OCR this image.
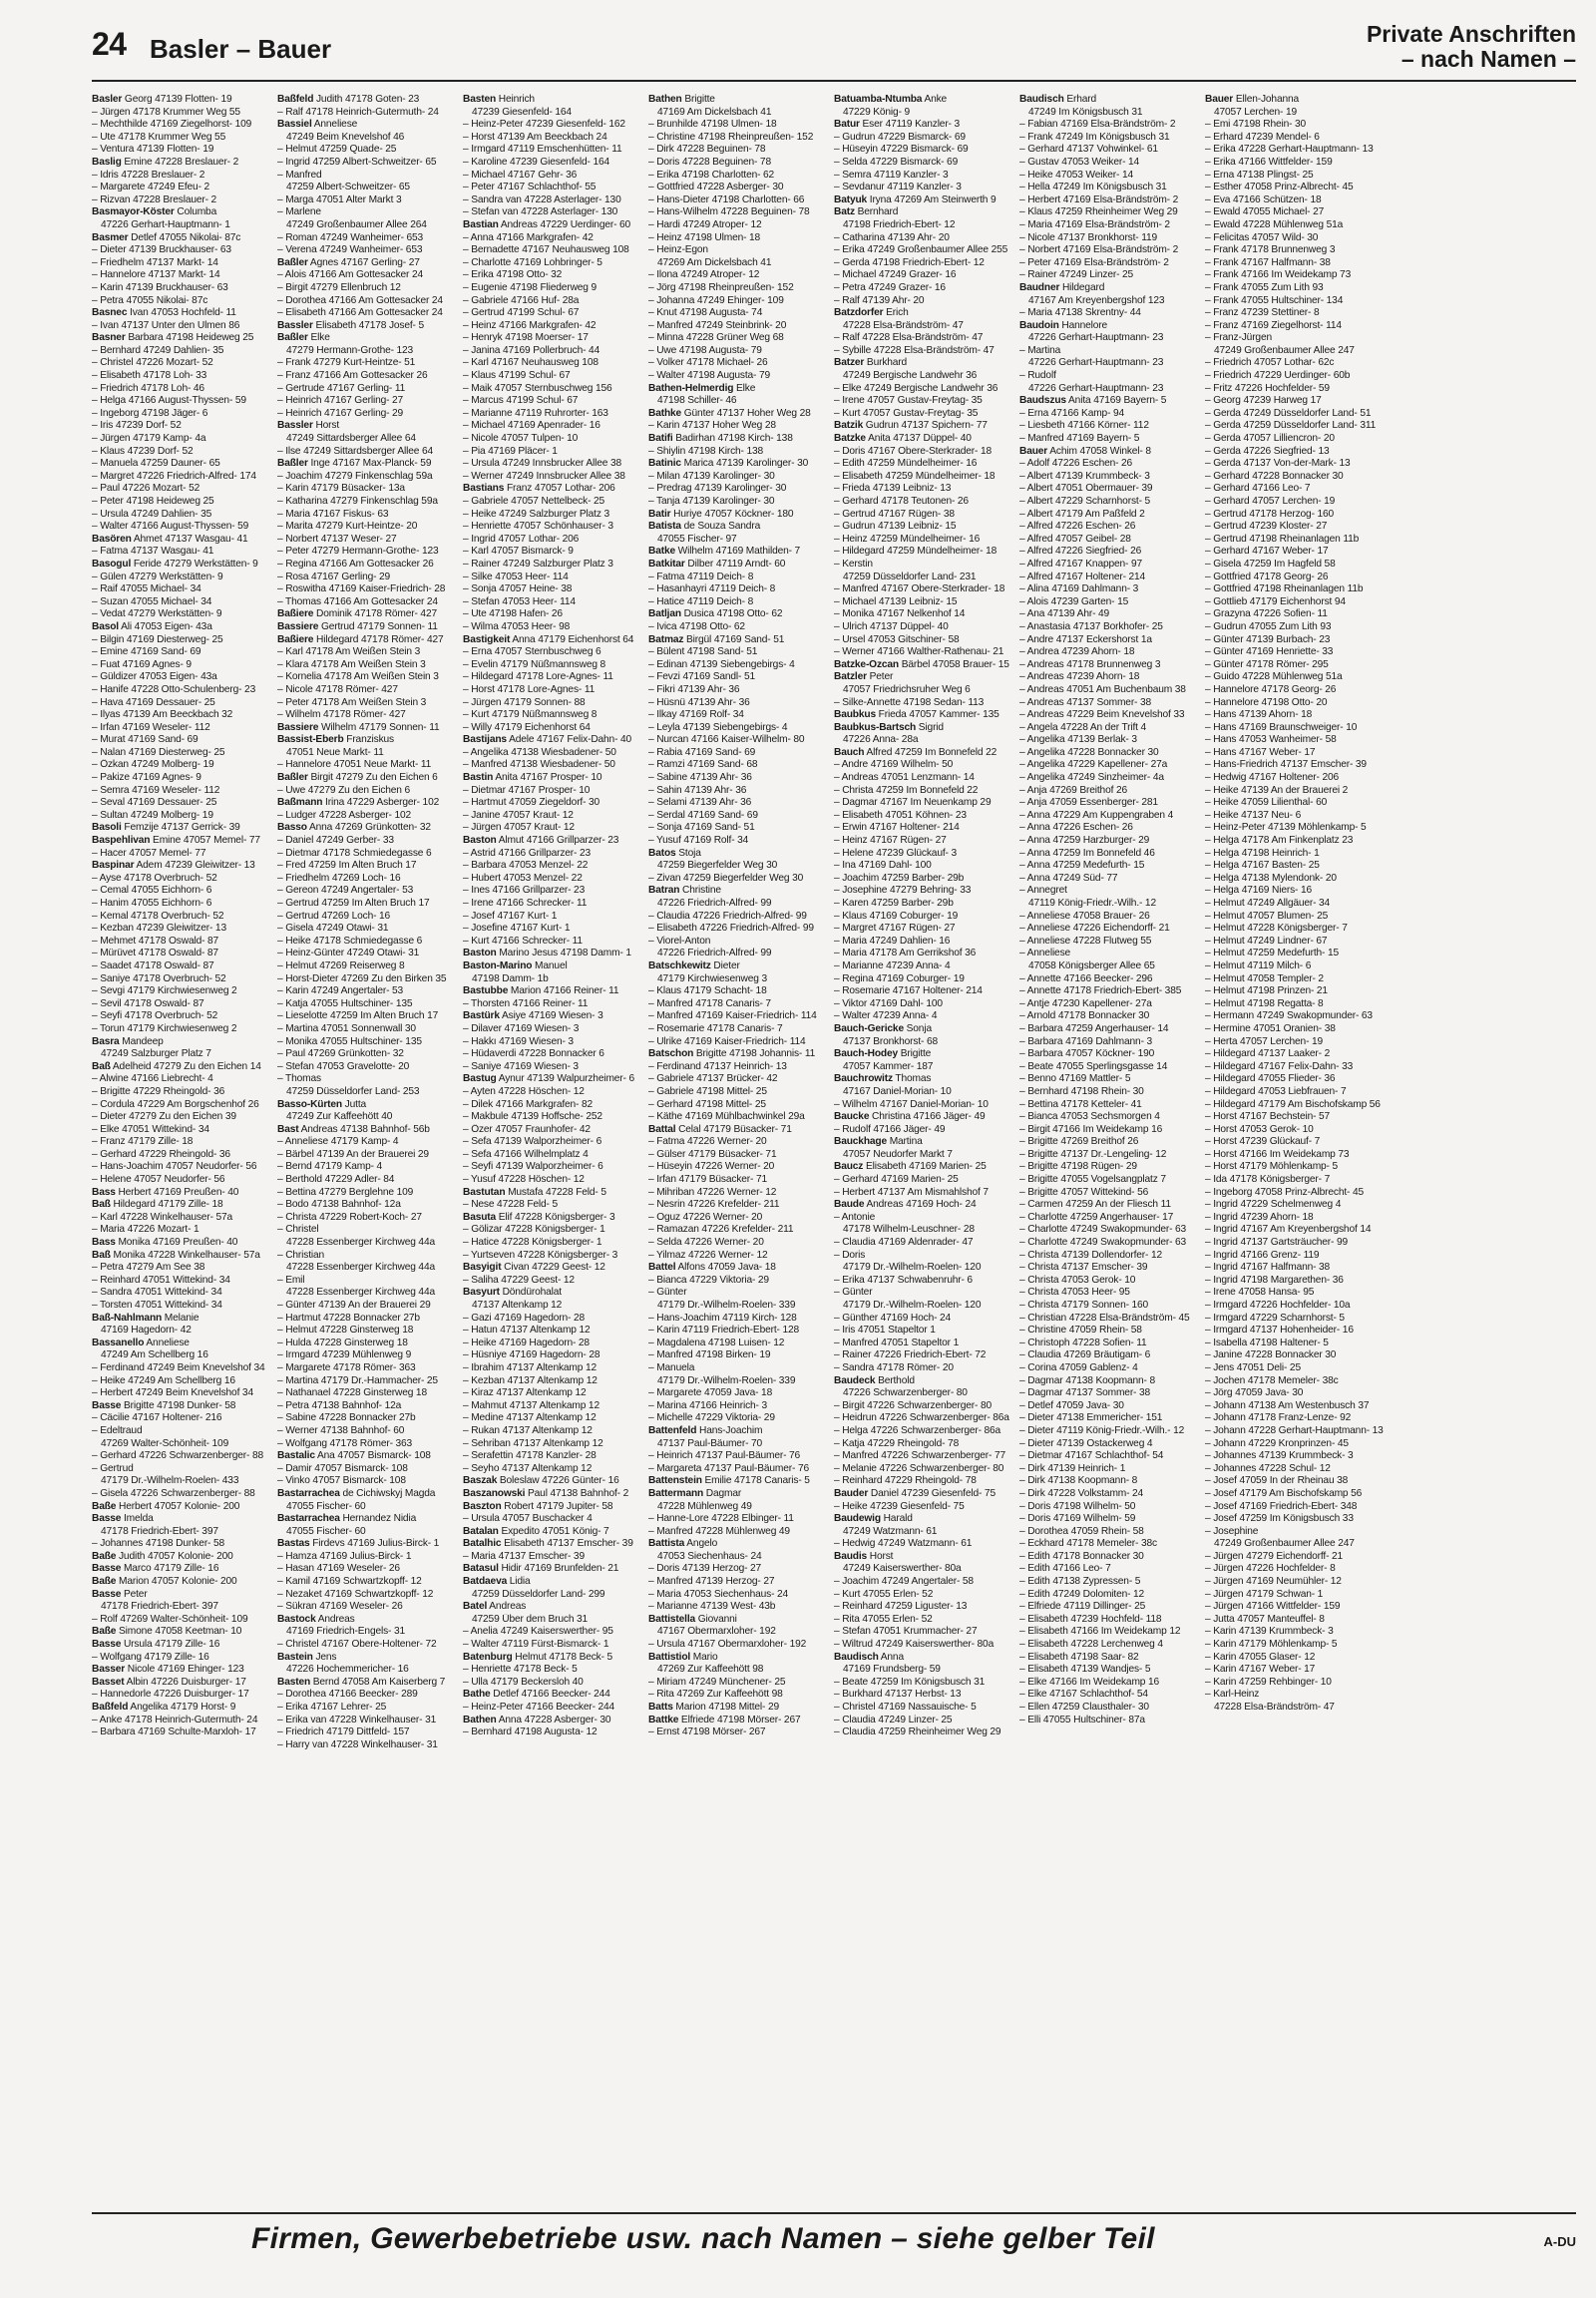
24 Basler – Bauer	Private Anschriften
– nach Namen –
Basler Georg 47139 Flotten- 19
– Jürgen 47178 Krummer Weg 55
– Mechthilde 47169 Ziegelhorst- 109
– Ute 47178 Krummer Weg 55
– Ventura 47139 Flotten- 19
Baslig Emine 47228 Breslauer- 2
– Idris 47228 Breslauer- 2
– Margarete 47249 Efeu- 2
– Rizvan 47228 Breslauer- 2
Basmayor-Köster Columba
47226 Gerhart-Hauptmann- 1
Basmer Detlef 47055 Nikolai- 87c
– Dieter 47139 Bruckhauser- 63
– Friedhelm 47137 Markt- 14
– Hannelore 47137 Markt- 14
– Karin 47139 Bruckhauser- 63
– Petra 47055 Nikolai- 87c
Basnec Ivan 47053 Hochfeld- 11
– Ivan 47137 Unter den Ulmen 86
Basner Barbara 47198 Heideweg 25
– Bernhard 47249 Dahlien- 35
– Christel 47226 Mozart- 52
– Elisabeth 47178 Loh- 33
– Friedrich 47178 Loh- 46
– Helga 47166 August-Thyssen- 59
– Ingeborg 47198 Jäger- 6
– Iris 47239 Dorf- 52
– Jürgen 47179 Kamp- 4a
– Klaus 47239 Dorf- 52
– Manuela 47259 Dauner- 65
– Margret 47226 Friedrich-Alfred- 174
– Paul 47226 Mozart- 52
– Peter 47198 Heideweg 25
– Ursula 47249 Dahlien- 35
– Walter 47166 August-Thyssen- 59
Basören Ahmet 47137 Wasgau- 41
– Fatma 47137 Wasgau- 41
Basogul Feride 47279 Werkstätten- 9
– Gülen 47279 Werkstätten- 9
– Raif 47055 Michael- 34
– Suzan 47055 Michael- 34
– Vedat 47279 Werkstätten- 9
Basol Ali 47053 Eigen- 43a
– Bilgin 47169 Diesterweg- 25
– Emine 47169 Sand- 69
– Fuat 47169 Agnes- 9
– Güldizer 47053 Eigen- 43a
– Hanife 47228 Otto-Schulenberg- 23
– Hava 47169 Dessauer- 25
– Ilyas 47139 Am Beeckbach 32
– Irfan 47169 Weseler- 112
– Murat 47169 Sand- 69
– Nalan 47169 Diesterweg- 25
– Özkan 47249 Molberg- 19
– Pakize 47169 Agnes- 9
– Semra 47169 Weseler- 112
– Seval 47169 Dessauer- 25
– Sultan 47249 Molberg- 19
Basoli Femzije 47137 Gerrick- 39
Baspehlivan Emine 47057 Memel- 77
– Hacer 47057 Memel- 77
Baspinar Adem 47239 Gleiwitzer- 13
– Ayse 47178 Overbruch- 52
– Cemal 47055 Eichhorn- 6
– Hanim 47055 Eichhorn- 6
– Kemal 47178 Overbruch- 52
– Kezban 47239 Gleiwitzer- 13
– Mehmet 47178 Oswald- 87
– Mürüvet 47178 Oswald- 87
– Saadet 47178 Oswald- 87
– Saniye 47178 Overbruch- 52
– Sevgi 47179 Kirchwiesenweg 2
– Sevil 47178 Oswald- 87
– Seyfi 47178 Overbruch- 52
– Torun 47179 Kirchwiesenweg 2
Basra Mandeep
47249 Salzburger Platz 7
Baß Adelheid 47279 Zu den Eichen 14
– Alwine 47166 Liebrecht- 4
– Brigitte 47229 Rheingold- 36
– Cordula 47229 Am Borgschenhof 26
– Dieter 47279 Zu den Eichen 39
– Elke 47051 Wittekind- 34
– Franz 47179 Zille- 18
– Gerhard 47229 Rheingold- 36
– Hans-Joachim 47057 Neudorfer- 56
– Helene 47057 Neudorfer- 56
Bass Herbert 47169 Preußen- 40
Baß Hildegard 47179 Zille- 18
– Karl 47228 Winkelhauser- 57a
– Maria 47226 Mozart- 1
Bass Monika 47169 Preußen- 40
Baß Monika 47228 Winkelhauser- 57a
– Petra 47279 Am See 38
– Reinhard 47051 Wittekind- 34
– Sandra 47051 Wittekind- 34
– Torsten 47051 Wittekind- 34
Baß-Nahlmann Melanie
47169 Hagedorn- 42
Bassanello Anneliese
47249 Am Schellberg 16
– Ferdinand 47249 Beim Knevelshof 34
– Heike 47249 Am Schellberg 16
– Herbert 47249 Beim Knevelshof 34
Basse Brigitte 47198 Dunker- 58
– Cäcilie 47167 Holtener- 216
– Edeltraud
47269 Walter-Schönheit- 109
– Gerhard 47226 Schwarzenberger- 88
– Gertrud
47179 Dr.-Wilhelm-Roelen- 433
– Gisela 47226 Schwarzenberger- 88
Baße Herbert 47057 Kolonie- 200
Basse Imelda
47178 Friedrich-Ebert- 397
– Johannes 47198 Dunker- 58
Baße Judith 47057 Kolonie- 200
Basse Marco 47179 Zille- 16
Baße Marion 47057 Kolonie- 200
Basse Peter
47178 Friedrich-Ebert- 397
– Rolf 47269 Walter-Schönheit- 109
Baße Simone 47058 Keetman- 10
Basse Ursula 47179 Zille- 16
– Wolfgang 47179 Zille- 16
Basser Nicole 47169 Ehinger- 123
Basset Albin 47226 Duisburger- 17
– Hannedorle 47226 Duisburger- 17
Baßfeld Angelika 47179 Horst- 9
– Anke 47178 Heinrich-Gutermuth- 24
– Barbara 47169 Schulte-Marxloh- 17
Baßfeld Judith 47178 Goten- 23
– Ralf 47178 Heinrich-Gutermuth- 24
Bassiel Anneliese
47249 Beim Knevelshof 46
– Helmut 47259 Quade- 25
– Ingrid 47259 Albert-Schweitzer- 65
– Manfred
47259 Albert-Schweitzer- 65
– Marga 47051 Alter Markt 3
– Marlene
47249 Großenbaumer Allee 264
– Roman 47249 Wanheimer- 653
– Verena 47249 Wanheimer- 653
Baßler Agnes 47167 Gerling- 27
– Alois 47166 Am Gottesacker 24
– Birgit 47279 Ellenbruch 12
– Dorothea 47166 Am Gottesacker 24
– Elisabeth 47166 Am Gottesacker 24
Bassler Elisabeth 47178 Josef- 5
Baßler Elke
47279 Hermann-Grothe- 123
– Frank 47279 Kurt-Heintze- 51
– Franz 47166 Am Gottesacker 26
– Gertrude 47167 Gerling- 11
– Heinrich 47167 Gerling- 27
– Heinrich 47167 Gerling- 29
Bassler Horst
47249 Sittardsberger Allee 64
– Ilse 47249 Sittardsberger Allee 64
Baßler Inge 47167 Max-Planck- 59
– Joachim 47279 Finkenschlag 59a
– Karin 47179 Büsacker- 13a
– Katharina 47279 Finkenschlag 59a
– Maria 47167 Fiskus- 63
– Marita 47279 Kurt-Heintze- 20
– Norbert 47137 Weser- 27
– Peter 47279 Hermann-Grothe- 123
– Regina 47166 Am Gottesacker 26
– Rosa 47167 Gerling- 29
– Roswitha 47169 Kaiser-Friedrich- 28
– Thomas 47166 Am Gottesacker 24
Baßiere Dominik 47178 Römer- 427
Bassiere Gertrud 47179 Sonnen- 11
Baßiere Hildegard 47178 Römer- 427
– Karl 47178 Am Weißen Stein 3
– Klara 47178 Am Weißen Stein 3
– Kornelia 47178 Am Weißen Stein 3
– Nicole 47178 Römer- 427
– Peter 47178 Am Weißen Stein 3
– Wilhelm 47178 Römer- 427
Bassiere Wilhelm 47179 Sonnen- 11
Bassist-Eberb Franziskus
47051 Neue Markt- 11
– Hannelore 47051 Neue Markt- 11
Baßler Birgit 47279 Zu den Eichen 6
– Uwe 47279 Zu den Eichen 6
Baßmann Irina 47229 Asberger- 102
– Ludger 47228 Asberger- 102
Basso Anna 47269 Grünkotten- 32
– Daniel 47249 Gerber- 33
– Dietmar 47178 Schmiedegasse 6
– Fred 47259 Im Alten Bruch 17
– Friedhelm 47269 Loch- 16
– Gereon 47249 Angertaler- 53
– Gertrud 47259 Im Alten Bruch 17
– Gertrud 47269 Loch- 16
– Gisela 47249 Otawi- 31
– Heike 47178 Schmiedegasse 6
– Heinz-Günter 47249 Otawi- 31
– Helmut 47269 Reiserweg 8
– Horst-Dieter 47269 Zu den Birken 35
– Karin 47249 Angertaler- 53
– Katja 47055 Hultschiner- 135
– Lieselotte 47259 Im Alten Bruch 17
– Martina 47051 Sonnenwall 30
– Monika 47055 Hultschiner- 135
– Paul 47269 Grünkotten- 32
– Stefan 47053 Gravelotte- 20
– Thomas
47259 Düsseldorfer Land- 253
Basso-Kürten Jutta
47249 Zur Kaffeehött 40
Bast Andreas 47138 Bahnhof- 56b
– Anneliese 47179 Kamp- 4
– Bärbel 47139 An der Brauerei 29
– Bernd 47179 Kamp- 4
– Berthold 47229 Adler- 84
– Bettina 47279 Berglehne 109
– Bodo 47138 Bahnhof- 12a
– Christa 47229 Robert-Koch- 27
– Christel
47228 Essenberger Kirchweg 44a
– Christian
47228 Essenberger Kirchweg 44a
– Emil
47228 Essenberger Kirchweg 44a
– Günter 47139 An der Brauerei 29
– Hartmut 47228 Bonnacker 27b
– Helmut 47228 Ginsterweg 18
– Hulda 47228 Ginsterweg 18
– Irmgard 47239 Mühlenweg 9
– Margarete 47178 Römer- 363
– Martina 47179 Dr.-Hammacher- 25
– Nathanael 47228 Ginsterweg 18
– Petra 47138 Bahnhof- 12a
– Sabine 47228 Bonnacker 27b
– Werner 47138 Bahnhof- 60
– Wolfgang 47178 Römer- 363
Bastalic Ana 47057 Bismarck- 108
– Damir 47057 Bismarck- 108
– Vinko 47057 Bismarck- 108
Bastarrachea de Cichiwskyj Magda
47055 Fischer- 60
Bastarrachea Hernandez Nidia
47055 Fischer- 60
Bastas Firdevs 47169 Julius-Birck- 1
– Hamza 47169 Julius-Birck- 1
– Hasan 47169 Weseler- 26
– Kamil 47169 Schwartzkopff- 12
– Nezaket 47169 Schwartzkopff- 12
– Sükran 47169 Weseler- 26
Bastock Andreas
47169 Friedrich-Engels- 31
– Christel 47167 Obere-Holtener- 72
Bastein Jens
47226 Hochemmericher- 16
Basten Bernd 47058 Am Kaiserberg 7
– Dorothea 47166 Beecker- 289
– Erika 47167 Lehrer- 25
– Erika van 47228 Winkelhauser- 31
– Friedrich 47179 Dittfeld- 157
– Harry van 47228 Winkelhauser- 31
Basten Heinrich
47239 Giesenfeld- 164
– Heinz-Peter 47239 Giesenfeld- 162
– Horst 47139 Am Beeckbach 24
– Irmgard 47119 Emschenhütten- 11
– Karoline 47239 Giesenfeld- 164
– Michael 47167 Gehr- 36
– Peter 47167 Schlachthof- 55
– Sandra van 47228 Asterlager- 130
– Stefan van 47228 Asterlager- 130
Bastian Andreas 47229 Uerdinger- 60
– Anna 47166 Markgrafen- 42
– Bernadette 47167 Neuhausweg 108
– Charlotte 47169 Lohbringer- 5
– Erika 47198 Otto- 32
– Eugenie 47198 Fliederweg 9
– Gabriele 47166 Huf- 28a
– Gertrud 47199 Schul- 67
– Heinz 47166 Markgrafen- 42
– Henryk 47198 Moerser- 17
– Janina 47169 Pollerbruch- 44
– Karl 47167 Neuhausweg 108
– Klaus 47199 Schul- 67
– Maik 47057 Sternbuschweg 156
– Marcus 47199 Schul- 67
– Marianne 47119 Ruhrorter- 163
– Michael 47169 Apenrader- 16
– Nicole 47057 Tulpen- 10
– Pia 47169 Pläcer- 1
– Ursula 47249 Innsbrucker Allee 38
– Werner 47249 Innsbrucker Allee 38
Bastians Franz 47057 Lothar- 206
– Gabriele 47057 Nettelbeck- 25
– Heike 47249 Salzburger Platz 3
– Henriette 47057 Schönhauser- 3
– Ingrid 47057 Lothar- 206
– Karl 47057 Bismarck- 9
– Rainer 47249 Salzburger Platz 3
– Silke 47053 Heer- 114
– Sonja 47057 Heine- 38
– Stefan 47053 Heer- 114
– Ute 47198 Hafen- 26
– Wilma 47053 Heer- 98
Bastigkeit Anna 47179 Eichenhorst 64
– Erna 47057 Sternbuschweg 6
– Evelin 47179 Nüßmannsweg 8
– Hildegard 47178 Lore-Agnes- 11
– Horst 47178 Lore-Agnes- 11
– Jürgen 47179 Sonnen- 88
– Kurt 47179 Nüßmannsweg 8
– Willy 47179 Eichenhorst 64
Bastijans Adele 47167 Felix-Dahn- 40
– Angelika 47138 Wiesbadener- 50
– Manfred 47138 Wiesbadener- 50
Bastin Anita 47167 Prosper- 10
– Dietmar 47167 Prosper- 10
– Hartmut 47059 Ziegeldorf- 30
– Janine 47057 Kraut- 12
– Jürgen 47057 Kraut- 12
Baston Almut 47166 Grillparzer- 23
– Astrid 47166 Grillparzer- 23
– Barbara 47053 Menzel- 22
– Hubert 47053 Menzel- 22
– Ines 47166 Grillparzer- 23
– Irene 47166 Schrecker- 11
– Josef 47167 Kurt- 1
– Josefine 47167 Kurt- 1
– Kurt 47166 Schrecker- 11
Baston Marino Jesus 47198 Damm- 1
Baston-Marino Manuel
47198 Damm- 1b
Bastubbe Marion 47166 Reiner- 11
– Thorsten 47166 Reiner- 11
Bastürk Asiye 47169 Wiesen- 3
– Dilaver 47169 Wiesen- 3
– Hakkı 47169 Wiesen- 3
– Hüdaverdi 47228 Bonnacker 6
– Saniye 47169 Wiesen- 3
Bastug Aynur 47139 Walpurzheimer- 6
– Ayten 47228 Höschen- 12
– Dilek 47166 Markgrafen- 82
– Makbule 47139 Hoffsche- 252
– Özer 47057 Fraunhofer- 42
– Sefa 47139 Walporzheimer- 6
– Sefa 47166 Wilhelmplatz 4
– Seyfi 47139 Walporzheimer- 6
– Yusuf 47228 Höschen- 12
Bastutan Mustafa 47228 Feld- 5
– Nese 47228 Feld- 5
Basuta Elif 47228 Königsberger- 3
– Gölizar 47228 Königsberger- 1
– Hatice 47228 Königsberger- 1
– Yurtseven 47228 Königsberger- 3
Basyigit Civan 47229 Geest- 12
– Saliha 47229 Geest- 12
Basyurt Döndürohalat
47137 Altenkamp 12
– Gazi 47169 Hagedorn- 28
– Hatun 47137 Altenkamp 12
– Heike 47169 Hagedorn- 28
– Hüsniye 47169 Hagedorn- 28
– Ibrahim 47137 Altenkamp 12
– Kezban 47137 Altenkamp 12
– Kiraz 47137 Altenkamp 12
– Mahmut 47137 Altenkamp 12
– Medine 47137 Altenkamp 12
– Rukan 47137 Altenkamp 12
– Sehriban 47137 Altenkamp 12
– Serafettin 47178 Kanzler- 28
– Seyho 47137 Altenkamp 12
Baszak Boleslaw 47226 Günter- 16
Baszanowski Paul 47138 Bahnhof- 2
Baszton Robert 47179 Jupiter- 58
– Ursula 47057 Buschacker 4
Batalan Expedito 47051 König- 7
Batalhic Elisabeth 47137 Emscher- 39
– Maria 47137 Emscher- 39
Batasul Hidir 47169 Brunfelden- 21
Batdaeva Lidia
47259 Düsseldorfer Land- 299
Batel Andreas
47259 Über dem Bruch 31
– Anelia 47249 Kaiserswerther- 95
– Walter 47119 Fürst-Bismarck- 1
Batenburg Helmut 47178 Beck- 5
– Henriette 47178 Beck- 5
– Ulla 47179 Beckersloh 40
Bathe Detlef 47166 Beecker- 244
– Heinz-Peter 47166 Beecker- 244
Bathen Anna 47228 Asberger- 30
– Bernhard 47198 Augusta- 12
Bathen Brigitte
47169 Am Dickelsbach 41
– Brunhilde 47198 Ulmen- 18
– Christine 47198 Rheinpreußen- 152
– Dirk 47228 Beguinen- 78
– Doris 47228 Beguinen- 78
– Erika 47198 Charlotten- 62
– Gottfried 47228 Asberger- 30
– Hans-Dieter 47198 Charlotten- 66
– Hans-Wilhelm 47228 Beguinen- 78
– Hardi 47249 Atroper- 12
– Heinz 47198 Ulmen- 18
– Heinz-Egon
47269 Am Dickelsbach 41
– Ilona 47249 Atroper- 12
– Jörg 47198 Rheinpreußen- 152
– Johanna 47249 Ehinger- 109
– Knut 47198 Augusta- 74
– Manfred 47249 Steinbrink- 20
– Minna 47228 Grüner Weg 68
– Uwe 47198 Augusta- 79
– Volker 47178 Michael- 26
– Walter 47198 Augusta- 79
Bathen-Helmerdig Elke
47198 Schiller- 46
Bathke Günter 47137 Hoher Weg 28
– Karin 47137 Hoher Weg 28
Batifi Badirhan 47198 Kirch- 138
– Shiylin 47198 Kirch- 138
Batinic Marica 47139 Karolinger- 30
– Milan 47139 Karolinger- 30
– Predrag 47139 Karolinger- 30
– Tanja 47139 Karolinger- 30
Batir Huriye 47057 Köckner- 180
Batista de Souza Sandra
47055 Fischer- 97
Batke Wilhelm 47169 Mathilden- 7
Batkitar Dilber 47119 Arndt- 60
– Fatma 47119 Deich- 8
– Hasanhayri 47119 Deich- 8
– Hatice 47119 Deich- 8
Batljan Dusica 47198 Otto- 62
– Ivica 47198 Otto- 62
Batmaz Birgül 47169 Sand- 51
– Bülent 47198 Sand- 51
– Edinan 47139 Siebengebirgs- 4
– Fevzi 47169 Sandl- 51
– Fikri 47139 Ahr- 36
– Hüsnü 47139 Ahr- 36
– Ilkay 47169 Rolf- 34
– Leyla 47139 Siebengebirgs- 4
– Nurcan 47166 Kaiser-Wilhelm- 80
– Rabia 47169 Sand- 69
– Ramzi 47169 Sand- 68
– Sabine 47139 Ahr- 36
– Sahin 47139 Ahr- 36
– Selami 47139 Ahr- 36
– Serdal 47169 Sand- 69
– Sonja 47169 Sand- 51
– Yusuf 47169 Rolf- 34
Batos Stoja
47259 Biegerfelder Weg 30
– Zivan 47259 Biegerfelder Weg 30
Batran Christine
47226 Friedrich-Alfred- 99
– Claudia 47226 Friedrich-Alfred- 99
– Elisabeth 47226 Friedrich-Alfred- 99
– Viorel-Anton
47226 Friedrich-Alfred- 99
Batschkewitz Dieter
47179 Kirchwiesenweg 3
– Klaus 47179 Schacht- 18
– Manfred 47178 Canaris- 7
– Manfred 47169 Kaiser-Friedrich- 114
– Rosemarie 47178 Canaris- 7
– Ulrike 47169 Kaiser-Friedrich- 114
Batschon Brigitte 47198 Johannis- 11
– Ferdinand 47137 Heinrich- 13
– Gabriele 47137 Brücker- 42
– Gabriele 47198 Mittel- 25
– Gerhard 47198 Mittel- 25
– Käthe 47169 Mühlbachwinkel 29a
Battal Celal 47179 Büsacker- 71
– Fatma 47226 Werner- 20
– Gülser 47179 Büsacker- 71
– Hüseyin 47226 Werner- 20
– Irfan 47179 Büsacker- 71
– Mihriban 47226 Werner- 12
– Nesrin 47226 Krefelder- 211
– Oguz 47226 Werner- 20
– Ramazan 47226 Krefelder- 211
– Selda 47226 Werner- 20
– Yilmaz 47226 Werner- 12
Battel Alfons 47059 Java- 18
– Bianca 47229 Viktoria- 29
– Günter
47179 Dr.-Wilhelm-Roelen- 339
– Hans-Joachim 47119 Kirch- 128
– Karin 47119 Friedrich-Ebert- 128
– Magdalena 47198 Luisen- 12
– Manfred 47198 Birken- 19
– Manuela
47179 Dr.-Wilhelm-Roelen- 339
– Margarete 47059 Java- 18
– Marina 47166 Heinrich- 3
– Michelle 47229 Viktoria- 29
Battenfeld Hans-Joachim
47137 Paul-Bäumer- 70
– Heinrich 47137 Paul-Bäumer- 76
– Margareta 47137 Paul-Bäumer- 76
Battenstein Emilie 47178 Canaris- 5
Battermann Dagmar
47228 Mühlenweg 49
– Hanne-Lore 47228 Elbinger- 11
– Manfred 47228 Mühlenweg 49
Battista Angelo
47053 Siechenhaus- 24
– Doris 47139 Herzog- 27
– Manfred 47139 Herzog- 27
– Maria 47053 Siechenhaus- 24
– Marianne 47139 West- 43b
Battistella Giovanni
47167 Obermarxloher- 192
– Ursula 47167 Obermarxloher- 192
Battistiol Mario
47269 Zur Kaffeehött 98
– Miriam 47249 Münchener- 25
– Rita 47269 Zur Kaffeehött 98
Batts Marion 47198 Mittel- 29
Battke Elfriede 47198 Mörser- 267
– Ernst 47198 Mörser- 267
Batuamba-Ntumba Anke
47229 König- 9
Batur Eser 47119 Kanzler- 3
– Gudrun 47229 Bismarck- 69
– Hüseyin 47229 Bismarck- 69
– Selda 47229 Bismarck- 69
– Semra 47119 Kanzler- 3
– Sevdanur 47119 Kanzler- 3
Batyuk Iryna 47269 Am Steinwerth 9
Batz Bernhard
47198 Friedrich-Ebert- 12
– Catharina 47139 Ahr- 20
– Erika 47249 Großenbaumer Allee 255
– Gerda 47198 Friedrich-Ebert- 12
– Michael 47249 Grazer- 16
– Petra 47249 Grazer- 16
– Ralf 47139 Ahr- 20
Batzdorfer Erich
47228 Elsa-Brändström- 47
– Ralf 47228 Elsa-Brändström- 47
– Sybille 47228 Elsa-Brändström- 47
Batzer Burkhard
47249 Bergische Landwehr 36
– Elke 47249 Bergische Landwehr 36
– Irene 47057 Gustav-Freytag- 35
– Kurt 47057 Gustav-Freytag- 35
Batzik Gudrun 47137 Spichern- 77
Batzke Anita 47137 Düppel- 40
– Doris 47167 Obere-Sterkrader- 18
– Edith 47259 Mündelheimer- 16
– Elisabeth 47259 Mündelheimer- 18
– Frieda 47139 Leibniz- 13
– Gerhard 47178 Teutonen- 26
– Gertrud 47167 Rügen- 38
– Gudrun 47139 Leibniz- 15
– Heinz 47259 Mündelheimer- 16
– Hildegard 47259 Mündelheimer- 18
– Kerstin
47259 Düsseldorfer Land- 231
– Manfred 47167 Obere-Sterkrader- 18
– Michael 47139 Leibniz- 15
– Monika 47167 Nelkenhof 14
– Ulrich 47137 Düppel- 40
– Ursel 47053 Gitschiner- 58
– Werner 47166 Walther-Rathenau- 21
Batzke-Özcan Bärbel 47058 Brauer- 15
Batzler Peter
47057 Friedrichsruher Weg 6
– Silke-Annette 47198 Sedan- 113
Baubkus Frieda 47057 Kammer- 135
Baubkus-Bartsch Sigrid
47226 Anna- 28a
Bauch Alfred 47259 Im Bonnefeld 22
– Andre 47169 Wilhelm- 50
– Andreas 47051 Lenzmann- 14
– Christa 47259 Im Bonnefeld 22
– Dagmar 47167 Im Neuenkamp 29
– Elisabeth 47051 Köhnen- 23
– Erwin 47167 Holtener- 214
– Heinz 47167 Rügen- 27
– Helene 47239 Glückauf- 3
– Ina 47169 Dahl- 100
– Joachim 47259 Barber- 29b
– Josephine 47279 Behring- 33
– Karen 47259 Barber- 29b
– Klaus 47169 Coburger- 19
– Margret 47167 Rügen- 27
– Maria 47249 Dahlien- 16
– Maria 47178 Am Gerrikshof 36
– Marianne 47239 Anna- 4
– Regina 47169 Coburger- 19
– Rosemarie 47167 Holtener- 214
– Viktor 47169 Dahl- 100
– Walter 47239 Anna- 4
Bauch-Gericke Sonja
47137 Bronkhorst- 68
Bauch-Hodey Brigitte
47057 Kammer- 187
Bauchrowitz Thomas
47167 Daniel-Morian- 10
– Wilhelm 47167 Daniel-Morian- 10
Baucke Christina 47166 Jäger- 49
– Rudolf 47166 Jäger- 49
Bauckhage Martina
47057 Neudorfer Markt 7
Baucz Elisabeth 47169 Marien- 25
– Gerhard 47169 Marien- 25
– Herbert 47137 Am Mismahlshof 7
Baude Andreas 47169 Hoch- 24
– Antonie
47178 Wilhelm-Leuschner- 28
– Claudia 47169 Aldenrader- 47
– Doris
47179 Dr.-Wilhelm-Roelen- 120
– Erika 47137 Schwabenruhr- 6
– Günter
47179 Dr.-Wilhelm-Roelen- 120
– Günther 47169 Hoch- 24
– Iris 47051 Stapeltor 1
– Manfred 47051 Stapeltor 1
– Rainer 47226 Friedrich-Ebert- 72
– Sandra 47178 Römer- 20
Baudeck Berthold
47226 Schwarzenberger- 80
– Birgit 47226 Schwarzenberger- 80
– Heidrun 47226 Schwarzenberger- 86a
– Helga 47226 Schwarzenberger- 86a
– Katja 47229 Rheingold- 78
– Manfred 47226 Schwarzenberger- 77
– Melanie 47226 Schwarzenberger- 80
– Reinhard 47229 Rheingold- 78
Bauder Daniel 47239 Giesenfeld- 75
– Heike 47239 Giesenfeld- 75
Baudewig Harald
47249 Watzmann- 61
– Hedwig 47249 Watzmann- 61
Baudis Horst
47249 Kaiserswerther- 80a
– Joachim 47249 Angertaler- 58
– Kurt 47055 Erlen- 52
– Reinhard 47259 Liguster- 13
– Rita 47055 Erlen- 52
– Stefan 47051 Krummacher- 27
– Wiltrud 47249 Kaiserswerther- 80a
Baudisch Anna
47169 Frundsberg- 59
– Beate 47259 Im Königsbusch 31
– Burkhard 47137 Herbst- 13
– Christel 47169 Nassauische- 5
– Claudia 47249 Linzer- 25
– Claudia 47259 Rheinheimer Weg 29
Baudisch Erhard
47249 Im Königsbusch 31
– Fabian 47169 Elsa-Brändström- 2
– Frank 47249 Im Königsbusch 31
– Gerhard 47137 Vohwinkel- 61
– Gustav 47053 Weiker- 14
– Heike 47053 Weiker- 14
– Hella 47249 Im Königsbusch 31
– Herbert 47169 Elsa-Brändström- 2
– Klaus 47259 Rheinheimer Weg 29
– Maria 47169 Elsa-Brändström- 2
– Nicole 47137 Bronkhorst- 119
– Norbert 47169 Elsa-Brändström- 2
– Peter 47169 Elsa-Brändström- 2
– Rainer 47249 Linzer- 25
Baudner Hildegard
47167 Am Kreyenbergshof 123
– Maria 47138 Skrentny- 44
Baudoin Hannelore
47226 Gerhart-Hauptmann- 23
– Martina
47226 Gerhart-Hauptmann- 23
– Rudolf
47226 Gerhart-Hauptmann- 23
Baudszus Anita 47169 Bayern- 5
– Erna 47166 Kamp- 94
– Liesbeth 47166 Körner- 112
– Manfred 47169 Bayern- 5
Bauer Achim 47058 Winkel- 8
– Adolf 47226 Eschen- 26
– Albert 47139 Krummbeck- 3
– Albert 47051 Obermauer- 39
– Albert 47229 Scharnhorst- 5
– Albert 47179 Am Paßfeld 2
– Alfred 47226 Eschen- 26
– Alfred 47057 Geibel- 28
– Alfred 47226 Siegfried- 26
– Alfred 47167 Knappen- 97
– Alfred 47167 Holtener- 214
– Alina 47169 Dahlmann- 3
– Alois 47239 Garten- 15
– Ana 47139 Ahr- 49
– Anastasia 47137 Borkhofer- 25
– Andre 47137 Eckershorst 1a
– Andrea 47239 Ahorn- 18
– Andreas 47178 Brunnenweg 3
– Andreas 47239 Ahorn- 18
– Andreas 47051 Am Buchenbaum 38
– Andreas 47137 Sommer- 38
– Andreas 47229 Beim Knevelshof 33
– Angela 47228 An der Trift 4
– Angelika 47139 Berlak- 3
– Angelika 47228 Bonnacker 30
– Angelika 47229 Kapellener- 27a
– Angelika 47249 Sinzheimer- 4a
– Anja 47269 Breithof 26
– Anja 47059 Essenberger- 281
– Anna 47229 Am Kuppengraben 4
– Anna 47226 Eschen- 26
– Anna 47259 Harzburger- 29
– Anna 47259 Im Bonnefeld 46
– Anna 47259 Medefurth- 15
– Anna 47249 Süd- 77
– Annegret
47119 König-Friedr.-Wilh.- 12
– Anneliese 47058 Brauer- 26
– Anneliese 47226 Eichendorff- 21
– Anneliese 47228 Flutweg 55
– Anneliese
47058 Königsberger Allee 65
– Annette 47166 Beecker- 296
– Annette 47178 Friedrich-Ebert- 385
– Antje 47230 Kapellener- 27a
– Arnold 47178 Bonnacker 30
– Barbara 47259 Angerhauser- 14
– Barbara 47169 Dahlmann- 3
– Barbara 47057 Köckner- 190
– Beate 47055 Sperlingsgasse 14
– Benno 47169 Mattler- 5
– Bernhard 47198 Rhein- 30
– Bettina 47178 Ketteler- 41
– Bianca 47053 Sechsmorgen 4
– Birgit 47166 Im Weidekamp 16
– Brigitte 47269 Breithof 26
– Brigitte 47137 Dr.-Lengeling- 12
– Brigitte 47198 Rügen- 29
– Brigitte 47055 Vogelsangplatz 7
– Brigitte 47057 Wittekind- 56
– Carmen 47259 An der Fliesch 11
– Charlotte 47259 Angerhauser- 17
– Charlotte 47249 Swakopmunder- 63
– Charlotte 47249 Swakopmunder- 63
– Christa 47139 Dollendorfer- 12
– Christa 47137 Emscher- 39
– Christa 47053 Gerok- 10
– Christa 47053 Heer- 95
– Christa 47179 Sonnen- 160
– Christian 47228 Elsa-Brändström- 45
– Christine 47059 Rhein- 58
– Christoph 47228 Sofien- 11
– Claudia 47269 Bräutigam- 6
– Corina 47059 Gablenz- 4
– Dagmar 47138 Koopmann- 8
– Dagmar 47137 Sommer- 38
– Detlef 47059 Java- 30
– Dieter 47138 Emmericher- 151
– Dieter 47119 König-Friedr.-Wilh.- 12
– Dieter 47139 Ostackerweg 4
– Dietmar 47167 Schlachthof- 54
– Dirk 47139 Heinrich- 1
– Dirk 47138 Koopmann- 8
– Dirk 47228 Volkstamm- 24
– Doris 47198 Wilhelm- 50
– Doris 47169 Wilhelm- 59
– Dorothea 47059 Rhein- 58
– Eckhard 47178 Memeler- 38c
– Edith 47178 Bonnacker 30
– Edith 47166 Leo- 7
– Edith 47138 Zypressen- 5
– Edith 47249 Dolomiten- 12
– Elfriede 47119 Dillinger- 25
– Elisabeth 47239 Hochfeld- 118
– Elisabeth 47166 Im Weidekamp 12
– Elisabeth 47228 Lerchenweg 4
– Elisabeth 47198 Saar- 82
– Elisabeth 47139 Wandjes- 5
– Elke 47166 Im Weidekamp 16
– Elke 47167 Schlachthof- 54
– Ellen 47259 Clausthaler- 30
– Elli 47055 Hultschiner- 87a
Bauer Ellen-Johanna
47057 Lerchen- 19
– Emi 47198 Rhein- 30
– Erhard 47239 Mendel- 6
– Erika 47228 Gerhart-Hauptmann- 13
– Erika 47166 Wittfelder- 159
– Erna 47138 Plingst- 25
– Esther 47058 Prinz-Albrecht- 45
– Eva 47166 Schützen- 18
– Ewald 47055 Michael- 27
– Ewald 47228 Mühlenweg 51a
– Felicitas 47057 Wild- 30
– Frank 47178 Brunnenweg 3
– Frank 47167 Halfmann- 38
– Frank 47166 Im Weidekamp 73
– Frank 47055 Zum Lith 93
– Frank 47055 Hultschiner- 134
– Franz 47239 Stettiner- 8
– Franz 47169 Ziegelhorst- 114
– Franz-Jürgen
47249 Großenbaumer Allee 247
– Friedrich 47057 Lothar- 62c
– Friedrich 47229 Uerdinger- 60b
– Fritz 47226 Hochfelder- 59
– Georg 47239 Harweg 17
– Gerda 47249 Düsseldorfer Land- 51
– Gerda 47259 Düsseldorfer Land- 311
– Gerda 47057 Lilliencron- 20
– Gerda 47226 Siegfried- 13
– Gerda 47137 Von-der-Mark- 13
– Gerhard 47228 Bonnacker 30
– Gerhard 47166 Leo- 7
– Gerhard 47057 Lerchen- 19
– Gertrud 47178 Herzog- 160
– Gertrud 47239 Kloster- 27
– Gertrud 47198 Rheinanlagen 11b
– Gerhard 47167 Weber- 17
– Gisela 47259 Im Hagfeld 58
– Gottfried 47178 Georg- 26
– Gottfried 47198 Rheinanlagen 11b
– Gottlieb 47179 Eichenhorst 94
– Grazyna 47226 Sofien- 11
– Gudrun 47055 Zum Lith 93
– Günter 47139 Burbach- 23
– Günter 47169 Henriette- 33
– Günter 47178 Römer- 295
– Guido 47228 Mühlenweg 51a
– Hannelore 47178 Georg- 26
– Hannelore 47198 Otto- 20
– Hans 47139 Ahorn- 18
– Hans 47169 Braunschweiger- 10
– Hans 47053 Wanheimer- 58
– Hans 47167 Weber- 17
– Hans-Friedrich 47137 Emscher- 39
– Hedwig 47167 Holtener- 206
– Heike 47139 An der Brauerei 2
– Heike 47059 Lilienthal- 60
– Heike 47137 Neu- 6
– Heinz-Peter 47139 Möhlenkamp- 5
– Helga 47178 Am Finkenplatz 23
– Helga 47198 Heinrich- 1
– Helga 47167 Basten- 25
– Helga 47138 Mylendonk- 20
– Helga 47169 Niers- 16
– Helmut 47249 Allgäuer- 34
– Helmut 47057 Blumen- 25
– Helmut 47228 Königsberger- 7
– Helmut 47249 Lindner- 67
– Helmut 47259 Medefurth- 15
– Helmut 47119 Milch- 6
– Helmut 47058 Templer- 2
– Helmut 47198 Prinzen- 21
– Helmut 47198 Regatta- 8
– Hermann 47249 Swakopmunder- 63
– Hermine 47051 Oranien- 38
– Herta 47057 Lerchen- 19
– Hildegard 47137 Laaker- 2
– Hildegard 47167 Felix-Dahn- 33
– Hildegard 47055 Flieder- 36
– Hildegard 47053 Liebfrauen- 7
– Hildegard 47179 Am Bischofskamp 56
– Horst 47167 Bechstein- 57
– Horst 47053 Gerok- 10
– Horst 47239 Glückauf- 7
– Horst 47166 Im Weidekamp 73
– Horst 47179 Möhlenkamp- 5
– Ida 47178 Königsberger- 7
– Ingeborg 47058 Prinz-Albrecht- 45
– Ingrid 47229 Schelmenweg 4
– Ingrid 47239 Ahorn- 18
– Ingrid 47167 Am Kreyenbergshof 14
– Ingrid 47137 Gartsträucher- 99
– Ingrid 47166 Grenz- 119
– Ingrid 47167 Halfmann- 38
– Ingrid 47198 Margarethen- 36
– Irene 47058 Hansa- 95
– Irmgard 47226 Hochfelder- 10a
– Irmgard 47229 Scharnhorst- 5
– Irmgard 47137 Hohenheider- 16
– Isabella 47198 Haltener- 5
– Janine 47228 Bonnacker 30
– Jens 47051 Deli- 25
– Jochen 47178 Memeler- 38c
– Jörg 47059 Java- 30
– Johann 47138 Am Westenbusch 37
– Johann 47178 Franz-Lenze- 92
– Johann 47228 Gerhart-Hauptmann- 13
– Johann 47229 Kronprinzen- 45
– Johannes 47139 Krummbeck- 3
– Johannes 47228 Schul- 12
– Josef 47059 In der Rheinau 38
– Josef 47179 Am Bischofskamp 56
– Josef 47169 Friedrich-Ebert- 348
– Josef 47259 Im Königsbusch 33
– Josephine
47249 Großenbaumer Allee 247
– Jürgen 47279 Eichendorff- 21
– Jürgen 47226 Hochfelder- 8
– Jürgen 47169 Neumühler- 12
– Jürgen 47179 Schwan- 1
– Jürgen 47166 Wittfelder- 159
– Jutta 47057 Manteuffel- 8
– Karin 47139 Krummbeck- 3
– Karin 47179 Möhlenkamp- 5
– Karin 47055 Glaser- 12
– Karin 47167 Weber- 17
– Karin 47259 Rehbinger- 10
– Karl-Heinz
47228 Elsa-Brändström- 47
Firmen, Gewerbebetriebe usw. nach Namen – siehe gelber Teil	A-DU
